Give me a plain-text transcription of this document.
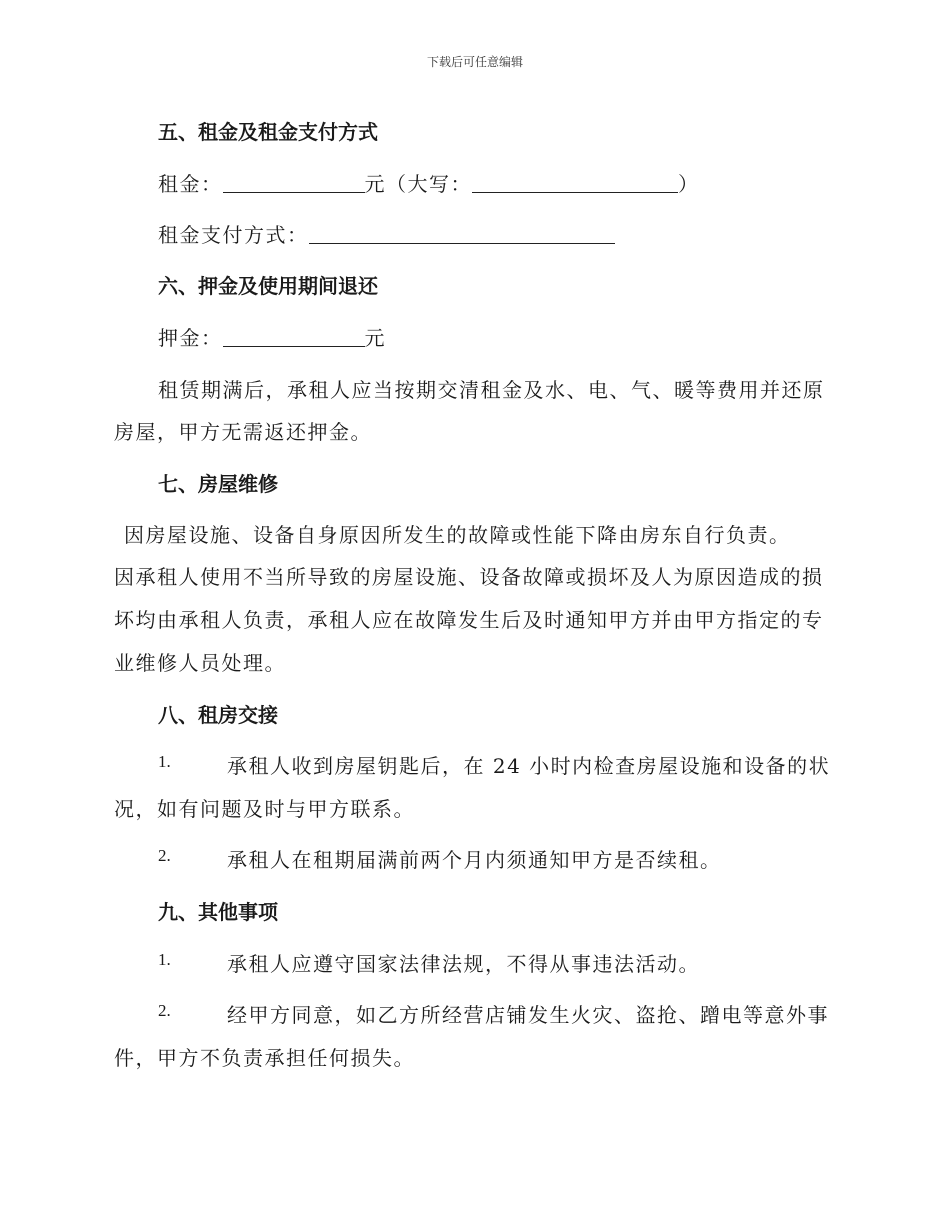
下载后可任意编辑
五、租金及租金支付方式
租金：	元（大写：	）
租金支付方式：
六、押金及使用期间退还
押金：	元
租赁期满后，承租人应当按期交清租金及水、电、气、暖等费用并还原
房屋，甲方无需返还押金。
七、房屋维修
因房屋设施、设备自身原因所发生的故障或性能下降由房东自行负责。
因承租人使用不当所导致的房屋设施、设备故障或损坏及人为原因造成的损
坏均由承租人负责，承租人应在故障发生后及时通知甲方并由甲方指定的专
业维修人员处理。
八、租房交接
1.	承租人收到房屋钥匙后，在 24 小时内检查房屋设施和设备的状
况，如有问题及时与甲方联系。
2.	承租人在租期届满前两个月内须通知甲方是否续租。
九、其他事项
1.	承租人应遵守国家法律法规，不得从事违法活动。
2.	经甲方同意，如乙方所经营店铺发生火灾、盗抢、蹭电等意外事
件，甲方不负责承担任何损失。
